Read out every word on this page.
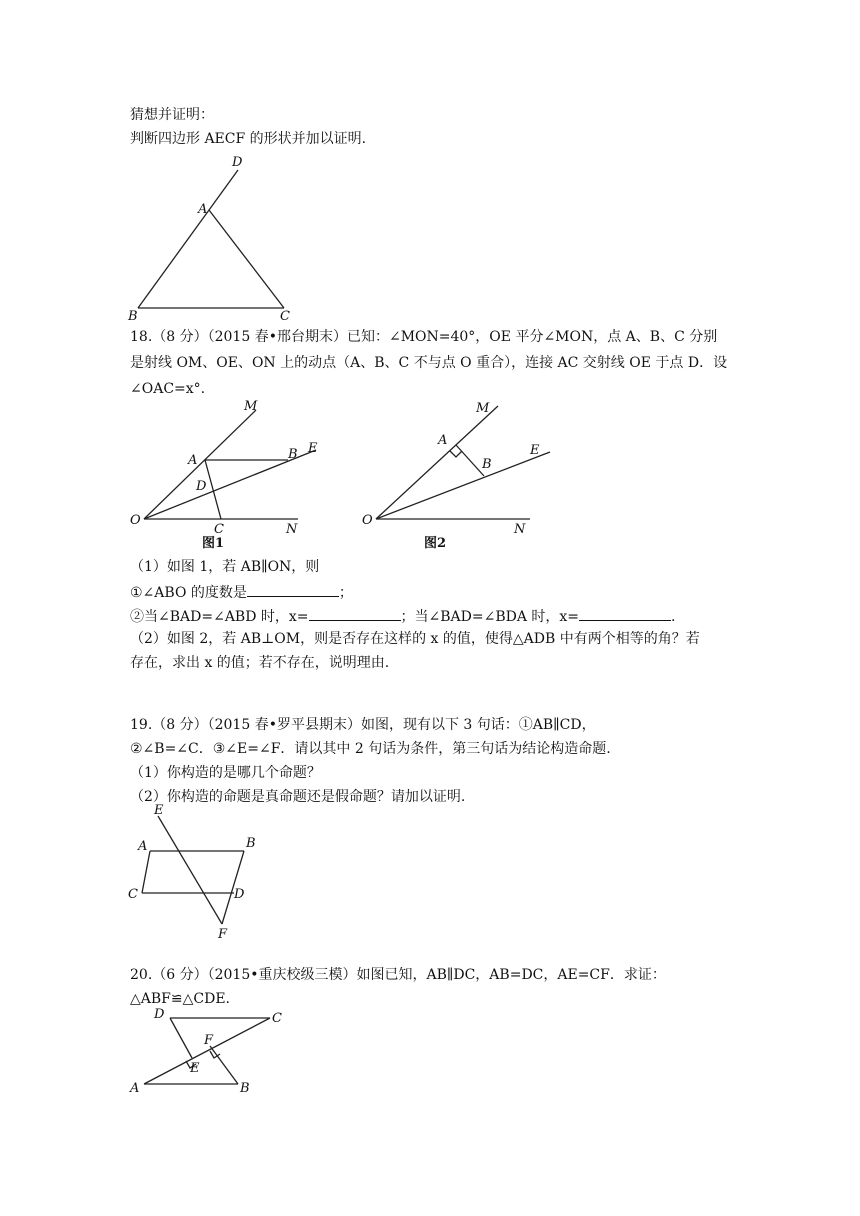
猜想并证明：
判断四边形 AECF 的形状并加以证明.
D
A
B	C
18.（8 分）（2015 春•邢台期末）已知：∠MON=40°，OE 平分∠MON，点 A、B、C 分别
是射线 OM、OE、ON 上的动点（A、B、C 不与点 O 重合），连接 AC 交射线 OE 于点 D．设
∠OAC=x°.
M
A	B E
D
O
C	N
图1
M
A
B
E
O
N
图2
（1）如图 1，若 AB∥ON，则
①∠ABO 的度数是	；
②当∠BAD=∠ABD 时，x=	；当∠BAD=∠BDA 时，x=	.
（2）如图 2，若 AB⊥OM，则是否存在这样的 x 的值，使得△ADB 中有两个相等的角？若
存在，求出 x 的值；若不存在，说明理由.
19.（8 分）（2015 春•罗平县期末）如图，现有以下 3 句话：①AB∥CD，
②∠B=∠C．③∠E=∠F．请以其中 2 句话为条件，第三句话为结论构造命题.
（1）你构造的是哪几个命题？
（2）你构造的命题是真命题还是假命题？请加以证明.
E
A	B
C	D
F
20.（6 分）（2015•重庆校级三模）如图已知，AB∥DC，AB=DC，AE=CF．求证：
△ABF≌△CDE.
D	C
F
E
A	B
